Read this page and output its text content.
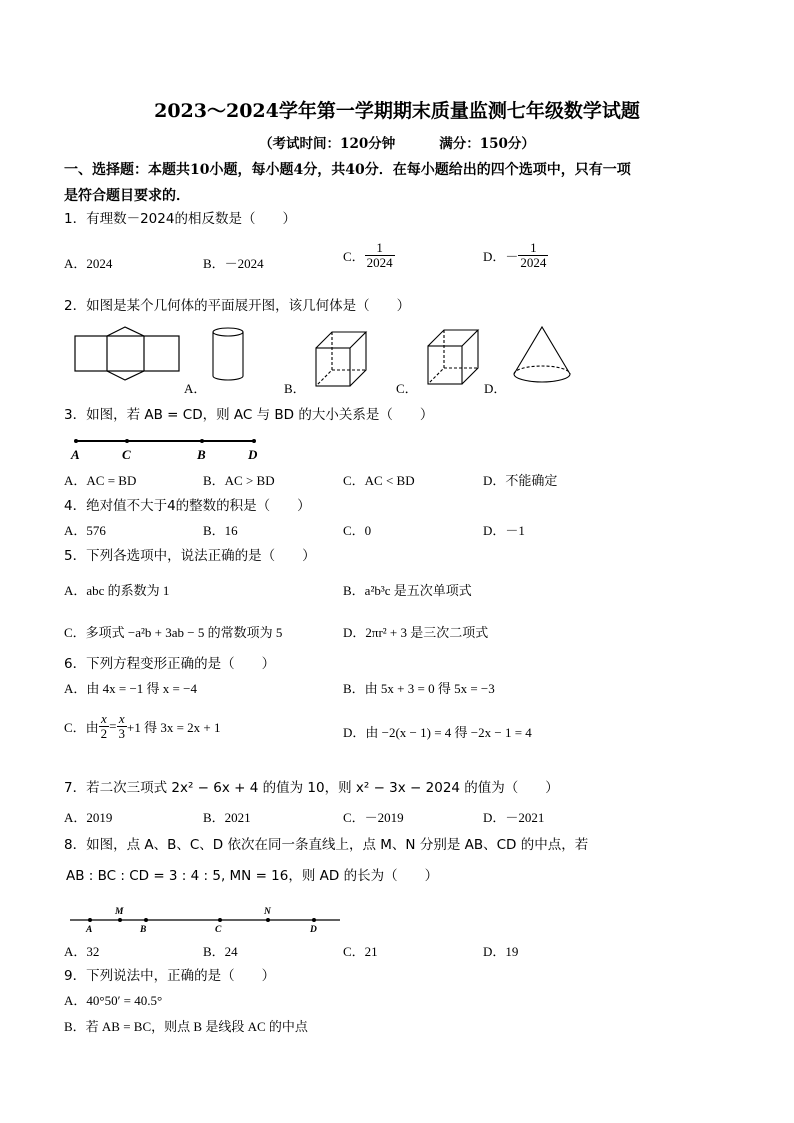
2023～2024学年第一学期期末质量监测七年级数学试题
（考试时间：120分钟	满分：150分）
一、选择题：本题共10小题，每小题4分，共40分．在每小题给出的四个选项中，只有一项
是符合题目要求的．
1．有理数－2024的相反数是（　　）
A．2024	B．－2024	C． $\frac{1}{2024}$	D．－ $\frac{1}{2024}$
2．如图是某个几何体的平面展开图，该几何体是（　　）
A．	B．	C．	D．
3．如图，若 AB = CD，则 AC 与 BD 的大小关系是（　　）
A	C	B	D
A．AC = BD	B．AC > BD	C．AC < BD	D．不能确定
4．绝对值不大于4的整数的积是（　　）
A．576	B．16	C．0	D．－1
5．下列各选项中，说法正确的是（　　）
A．abc 的系数为 1	B．a²b³c 是五次单项式
C．多项式 −a²b + 3ab − 5 的常数项为 5	D．2πr² + 3 是三次二项式
6．下列方程变形正确的是（　　）
A．由 4x = −1 得 x = −4	B．由 5x + 3 = 0 得 5x = −3
C．由 $\frac{x}{2} = \frac{x}{3} +1$ 得 3x = 2x + 1	D．由 −2(x − 1) = 4 得 −2x − 1 = 4
7．若二次三项式 2x² − 6x + 4 的值为 10，则 x² − 3x − 2024 的值为（　　）
A．2019	B．2021	C．－2019	D．－2021
8．如图，点 A、B、C、D 依次在同一条直线上，点 M、N 分别是 AB、CD 的中点，若
AB : BC : CD = 3 : 4 : 5, MN = 16，则 AD 的长为（　　）
A
M
B	C
N
D
A．32	B．24	C．21	D．19
9．下列说法中，正确的是（　　）
A．40°50′ = 40.5°
B．若 AB = BC，则点 B 是线段 AC 的中点
